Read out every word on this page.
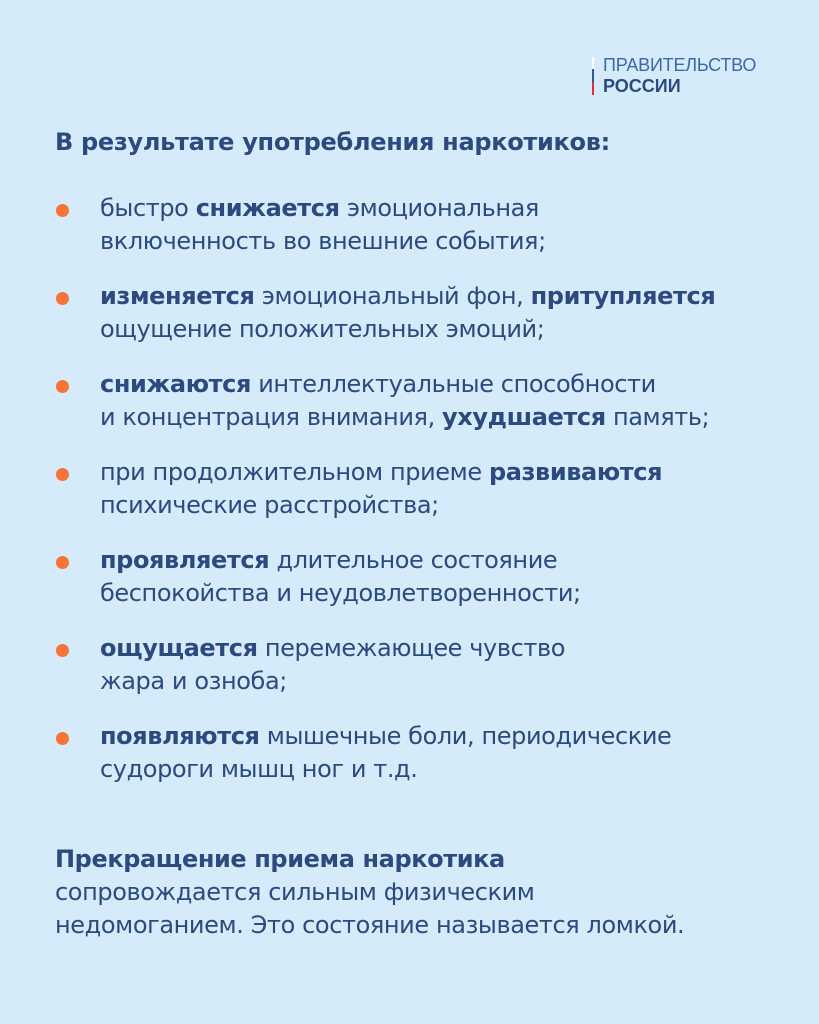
ПРАВИТЕЛЬСТВО
РОССИИ
В результате употребления наркотиков:
быстро снижается эмоциональная
включенность во внешние события;
изменяется эмоциональный фон, притупляется
ощущение положительных эмоций;
снижаются интеллектуальные способности
и концентрация внимания, ухудшается память;
при продолжительном приеме развиваются
психические расстройства;
проявляется длительное состояние
беспокойства и неудовлетворенности;
ощущается перемежающее чувство
жара и озноба;
появляются мышечные боли, периодические
судороги мышц ног и т.д.
Прекращение приема наркотика
сопровождается сильным физическим
недомоганием. Это состояние называется ломкой.
